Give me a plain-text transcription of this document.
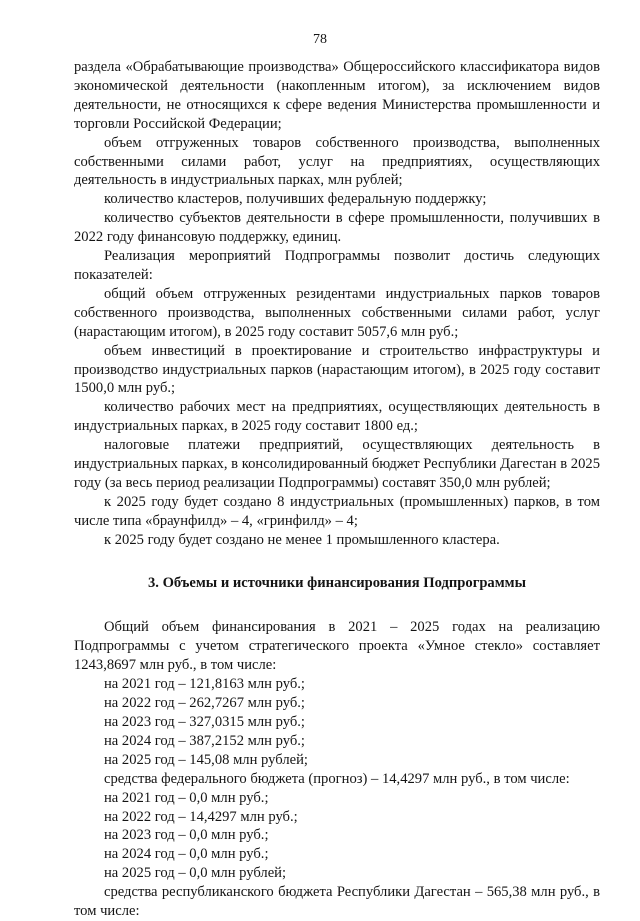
78

раздела «Обрабатывающие производства» Общероссийского классификатора видов экономической деятельности (накопленным итогом), за исключением видов деятельности, не относящихся к сфере ведения Министерства промышленности и торговли Российской Федерации;

объем отгруженных товаров собственного производства, выполненных собственными силами работ, услуг на предприятиях, осуществляющих деятельность в индустриальных парках, млн рублей;

количество кластеров, получивших федеральную поддержку;

количество субъектов деятельности в сфере промышленности, получивших в 2022 году финансовую поддержку, единиц.

Реализация мероприятий Подпрограммы позволит достичь следующих показателей:

общий объем отгруженных резидентами индустриальных парков товаров собственного производства, выполненных собственными силами работ, услуг (нарастающим итогом), в 2025 году составит 5057,6 млн руб.;

объем инвестиций в проектирование и строительство инфраструктуры и производство индустриальных парков (нарастающим итогом), в 2025 году составит 1500,0 млн руб.;

количество рабочих мест на предприятиях, осуществляющих деятельность в индустриальных парках, в 2025 году составит 1800 ед.;

налоговые платежи предприятий, осуществляющих деятельность в индустриальных парках, в консолидированный бюджет Республики Дагестан в 2025 году (за весь период реализации Подпрограммы) составят 350,0 млн рублей;

к 2025 году будет создано 8 индустриальных (промышленных) парков, в том числе типа «браунфилд» – 4, «гринфилд» – 4;

к 2025 году будет создано не менее 1 промышленного кластера.

3. Объемы и источники финансирования Подпрограммы

Общий объем финансирования в 2021 – 2025 годах на реализацию Подпрограммы с учетом стратегического проекта «Умное стекло» составляет 1243,8697 млн руб., в том числе:

на 2021 год – 121,8163 млн руб.;

на 2022 год – 262,7267 млн руб.;

на 2023 год – 327,0315 млн руб.;

на 2024 год – 387,2152 млн руб.;

на 2025 год – 145,08 млн рублей;

средства федерального бюджета (прогноз) – 14,4297 млн руб., в том числе:

на 2021 год – 0,0 млн руб.;

на 2022 год – 14,4297 млн руб.;

на 2023 год – 0,0 млн руб.;

на 2024 год – 0,0 млн руб.;

на 2025 год – 0,0 млн рублей;

средства республиканского бюджета Республики Дагестан – 565,38 млн руб., в том числе:
